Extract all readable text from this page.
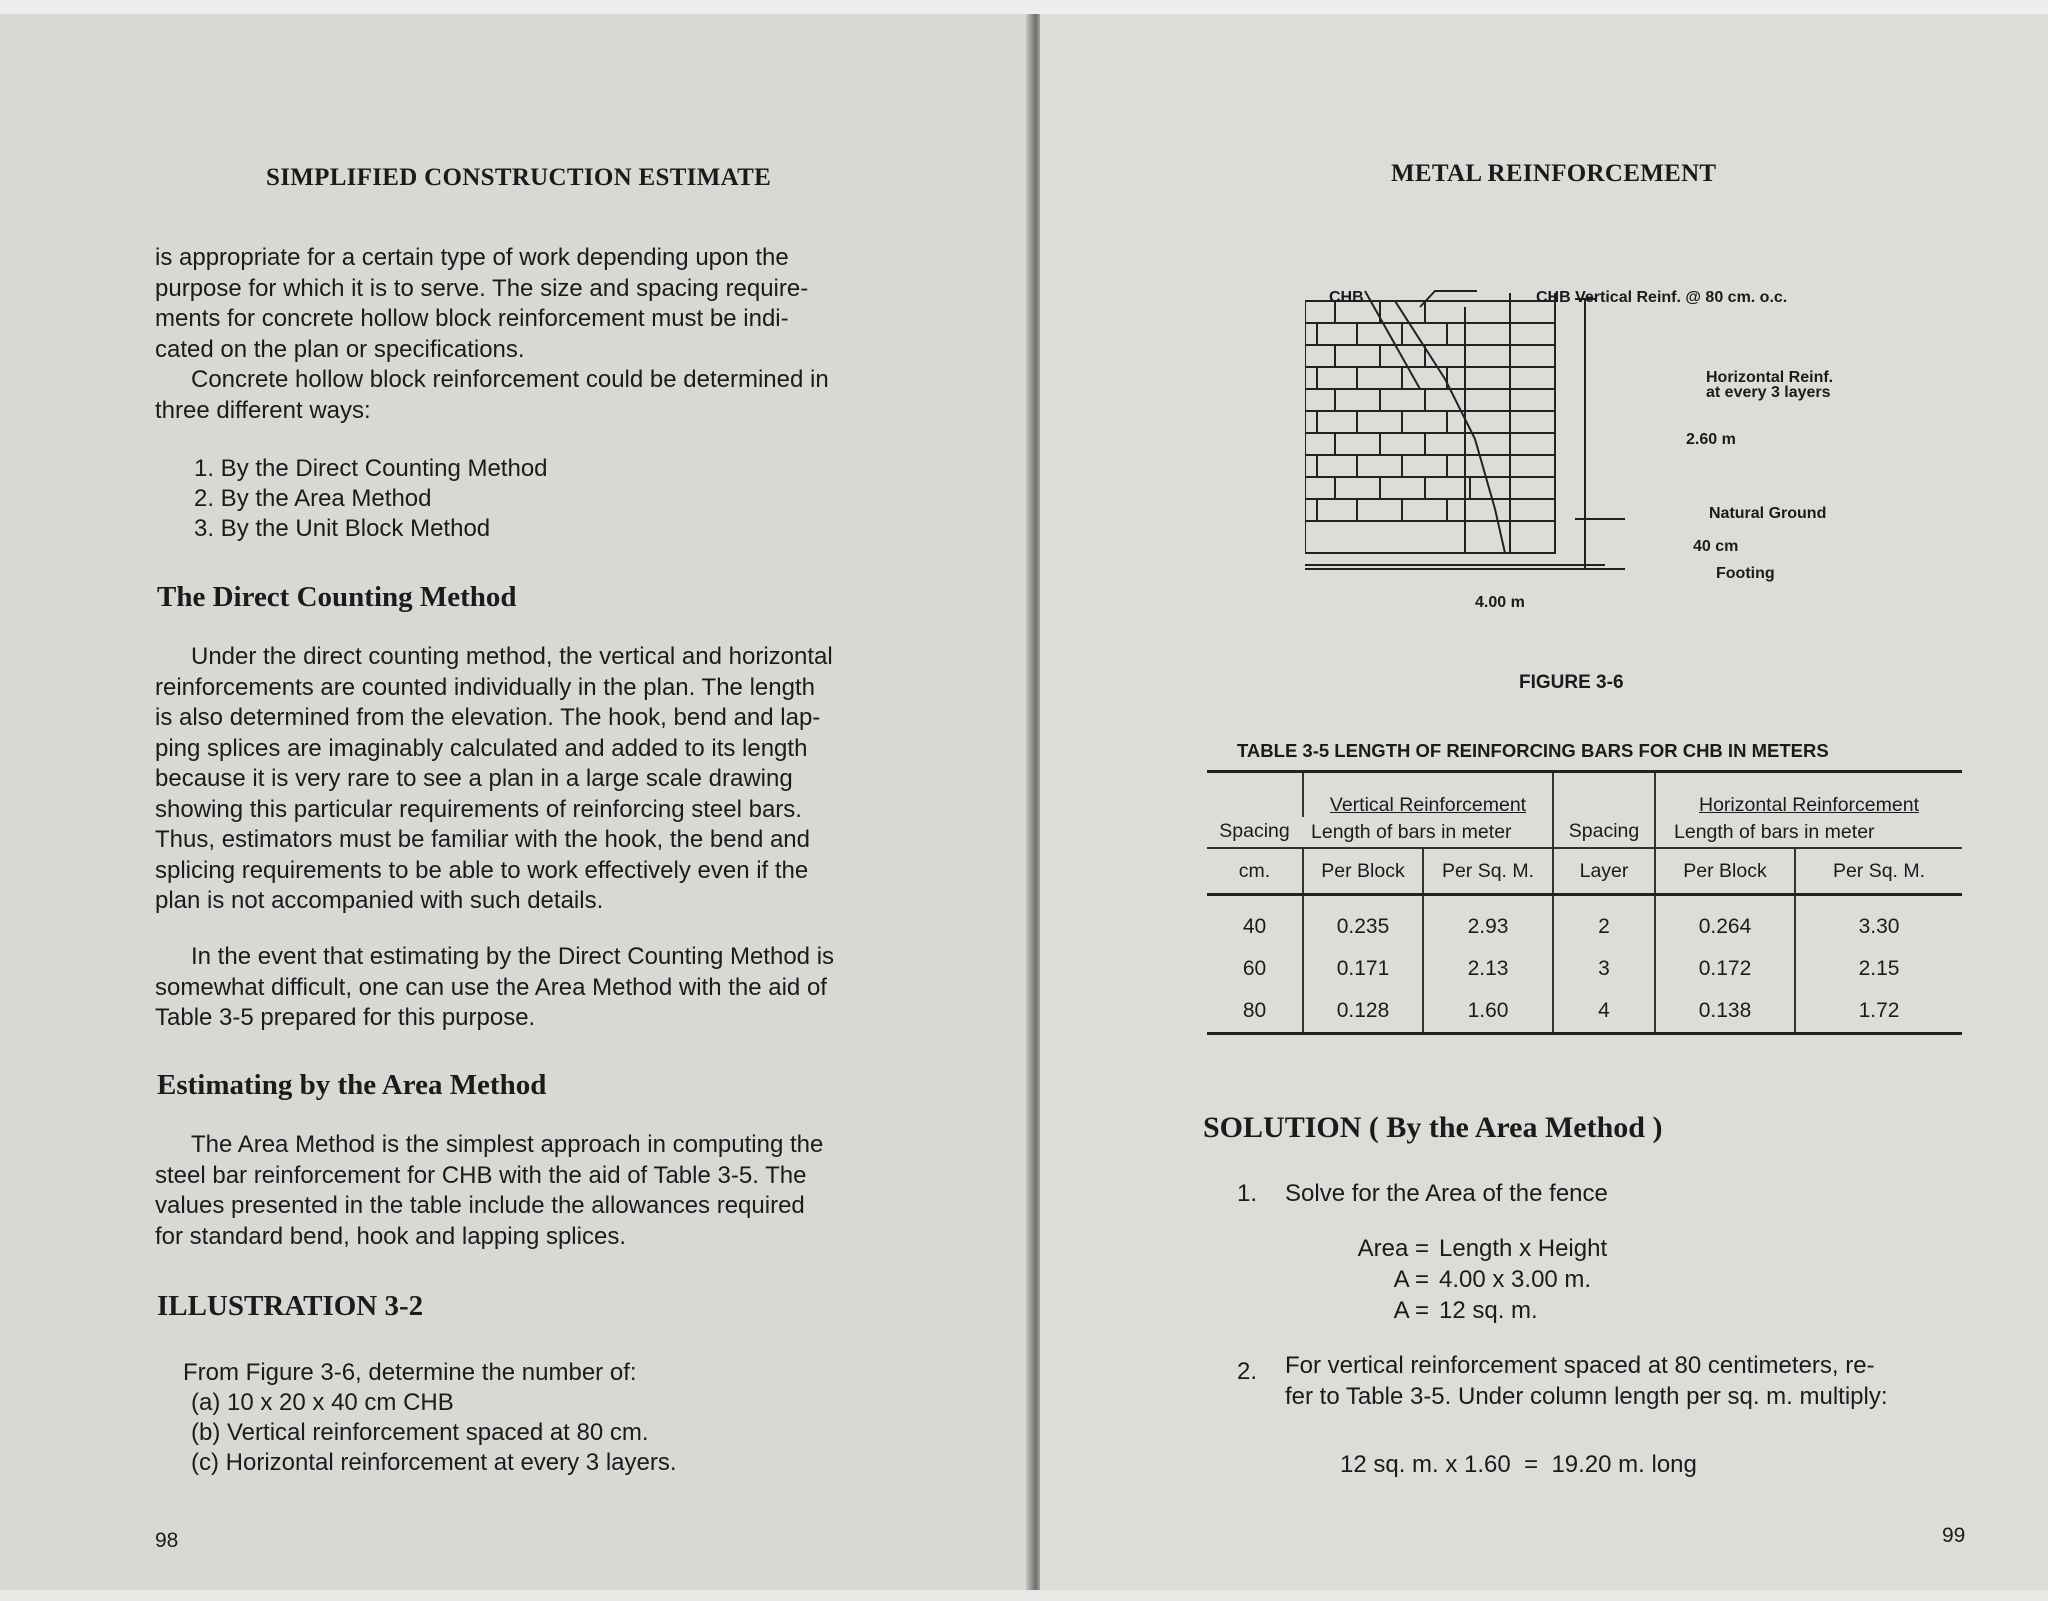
SIMPLIFIED CONSTRUCTION ESTIMATE
is appropriate for a certain type of work depending upon the
purpose for which it is to serve. The size and spacing require-
ments for concrete hollow block reinforcement must be indi-
cated on the plan or specifications.
Concrete hollow block reinforcement could be determined in
three different ways:
1. By the Direct Counting Method
2. By the Area Method
3. By the Unit Block Method
The Direct Counting Method
Under the direct counting method, the vertical and horizontal
reinforcements are counted individually in the plan. The length
is also determined from the elevation. The hook, bend and lap-
ping splices are imaginably calculated and added to its length
because it is very rare to see a plan in a large scale drawing
showing this particular requirements of reinforcing steel bars.
Thus, estimators must be familiar with the hook, the bend and
splicing requirements to be able to work effectively even if the
plan is not accompanied with such details.
In the event that estimating by the Direct Counting Method is
somewhat difficult, one can use the Area Method with the aid of
Table 3-5 prepared for this purpose.
Estimating by the Area Method
The Area Method is the simplest approach in computing the
steel bar reinforcement for CHB with the aid of Table 3-5. The
values presented in the table include the allowances required
for standard bend, hook and lapping splices.
ILLUSTRATION 3-2
From Figure 3-6, determine the number of:
(a) 10 x 20 x 40 cm CHB
(b) Vertical reinforcement spaced at 80 cm.
(c) Horizontal reinforcement at every 3 layers.
98
METAL REINFORCEMENT
CHB	CHB Vertical Reinf. @ 80 cm. o.c.
Horizontal Reinf.
at every 3 layers
2.60 m
Natural Ground
40 cm
Footing
4.00 m
FIGURE 3-6
TABLE 3-5 LENGTH OF REINFORCING BARS FOR CHB IN METERS
Spacing	Vertical Reinforcement		Spacing	Horizontal Reinforcement	
	Length of bars in meter			Length of bars in meter	
cm.	Per Block	Per Sq. M.	Layer	Per Block	Per Sq. M.
40	0.235	2.93	2	0.264	3.30
60	0.171	2.13	3	0.172	2.15
80	0.128	1.60	4	0.138	1.72
SOLUTION ( By the Area Method )
1. Solve for the Area of the fence
Area = Length x Height
A = 4.00 x 3.00 m.
A = 12 sq. m.
2. For vertical reinforcement spaced at 80 centimeters, re-
fer to Table 3-5. Under column length per sq. m. multiply:
12 sq. m. x 1.60  =  19.20 m. long
99
